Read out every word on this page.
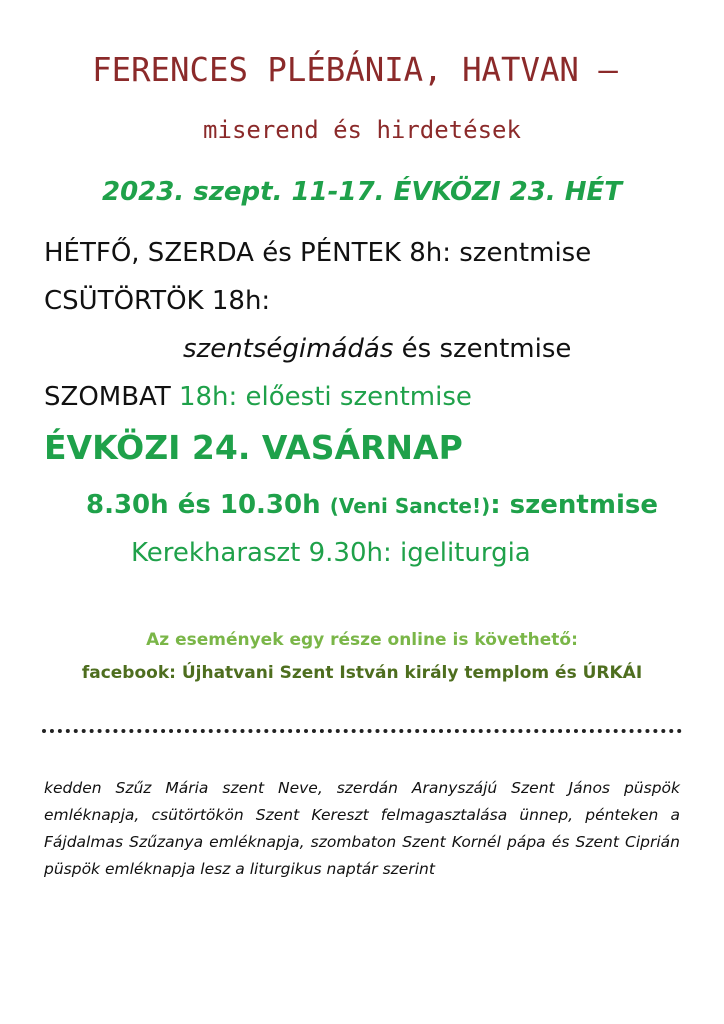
FERENCES PLÉBÁNIA, HATVAN –
miserend és hirdetések
2023. szept. 11-17. ÉVKÖZI 23. HÉT
HÉTFŐ, SZERDA és PÉNTEK 8h: szentmise
CSÜTÖRTÖK 18h:
szentségimádás és szentmise
SZOMBAT 18h: előesti szentmise
ÉVKÖZI 24. VASÁRNAP
8.30h és 10.30h (Veni Sancte!): szentmise
Kerekharaszt 9.30h: igeliturgia
Az események egy része online is követhető:
facebook: Újhatvani Szent István király templom és ÚRKÁI
kedden Szűz Mária szent Neve, szerdán Aranyszájú Szent János püspök emléknapja, csütörtökön Szent Kereszt felmagasztalása ünnep, pénteken a Fájdalmas Szűzanya emléknapja, szombaton Szent Kornél pápa és Szent Ciprián püspök emléknapja lesz a liturgikus naptár szerint
